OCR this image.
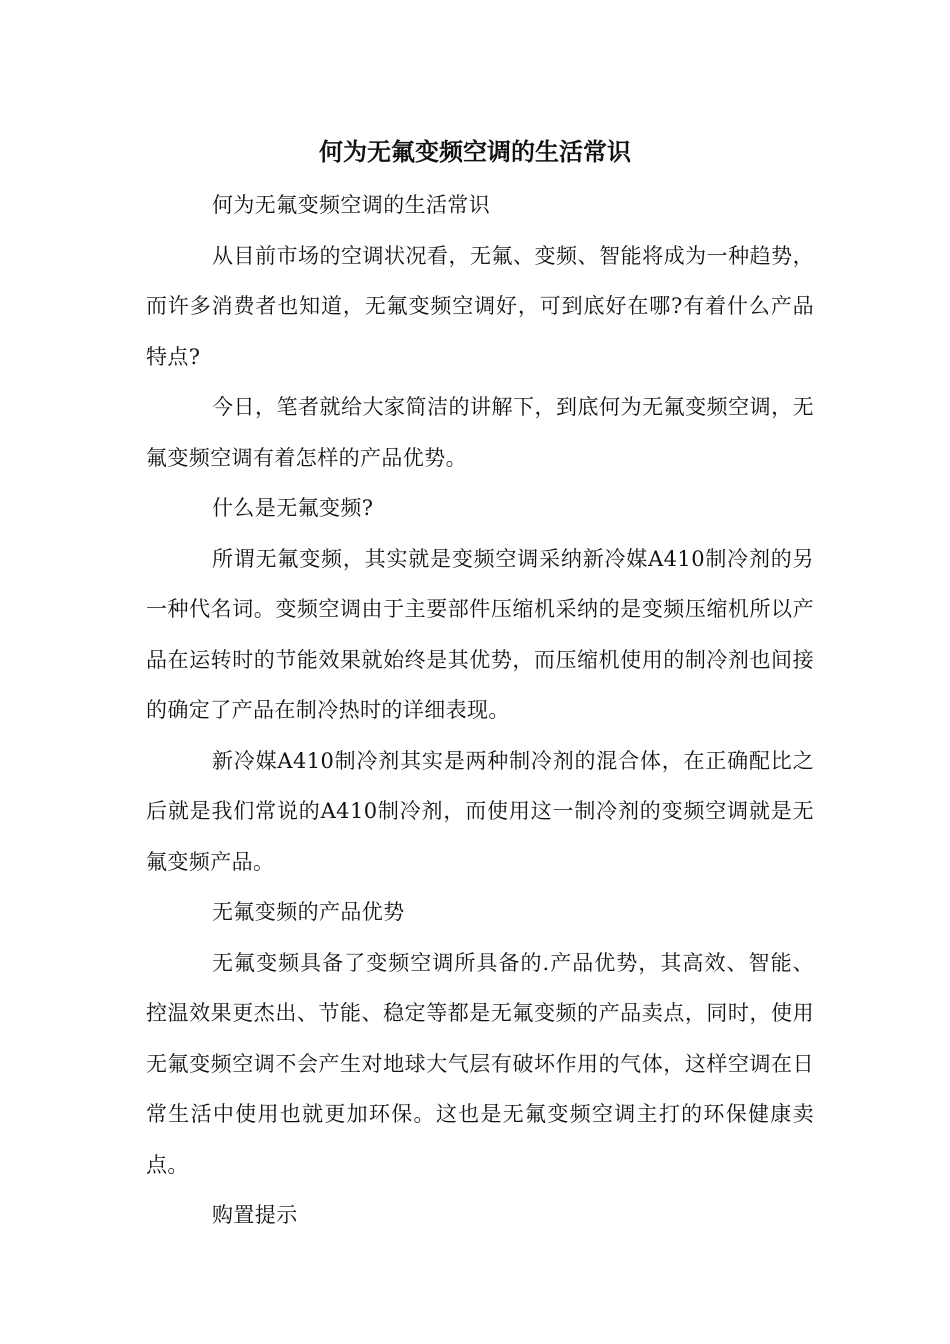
何为无氟变频空调的生活常识

何为无氟变频空调的生活常识

从目前市场的空调状况看，无氟、变频、智能将成为一种趋势，而许多消费者也知道，无氟变频空调好，可到底好在哪?有着什么产品特点?

今日，笔者就给大家简洁的讲解下，到底何为无氟变频空调，无氟变频空调有着怎样的产品优势。

什么是无氟变频?

所谓无氟变频，其实就是变频空调采纳新冷媒A410制冷剂的另一种代名词。变频空调由于主要部件压缩机采纳的是变频压缩机所以产品在运转时的节能效果就始终是其优势，而压缩机使用的制冷剂也间接的确定了产品在制冷热时的详细表现。

新冷媒A410制冷剂其实是两种制冷剂的混合体，在正确配比之后就是我们常说的A410制冷剂，而使用这一制冷剂的变频空调就是无氟变频产品。

无氟变频的产品优势

无氟变频具备了变频空调所具备的.产品优势，其高效、智能、控温效果更杰出、节能、稳定等都是无氟变频的产品卖点，同时，使用无氟变频空调不会产生对地球大气层有破坏作用的气体，这样空调在日常生活中使用也就更加环保。这也是无氟变频空调主打的环保健康卖点。

购置提示
